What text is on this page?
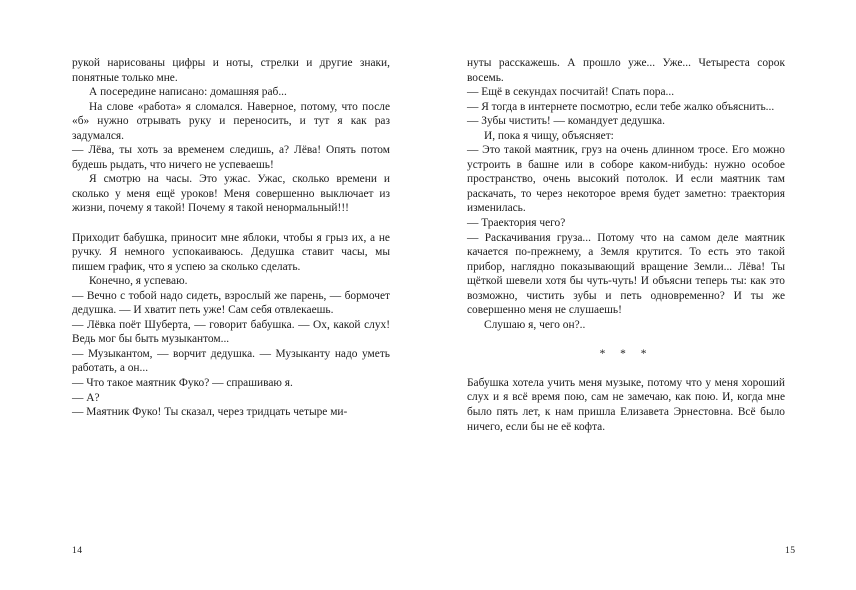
рукой нарисованы цифры и ноты, стрелки и другие знаки, понятные только мне.

А посередине написано: домашняя раб...

На слове «работа» я сломался. Наверное, потому, что после «б» нужно отрывать руку и переносить, и тут я как раз задумался.

— Лёва, ты хоть за временем следишь, а? Лёва! Опять потом будешь рыдать, что ничего не успеваешь!

Я смотрю на часы. Это ужас. Ужас, сколько времени и сколько у меня ещё уроков! Меня совершенно выключает из жизни, почему я такой! Почему я такой ненормальный!!!

Приходит бабушка, приносит мне яблоки, чтобы я грыз их, а не ручку. Я немного успокаиваюсь. Дедушка ставит часы, мы пишем график, что я успею за сколько сделать.

Конечно, я успеваю.

— Вечно с тобой надо сидеть, взрослый же парень, — бормочет дедушка. — И хватит петь уже! Сам себя отвлекаешь.

— Лёвка поёт Шуберта, — говорит бабушка. — Ох, какой слух! Ведь мог бы быть музыкантом...

— Музыкантом, — ворчит дедушка. — Музыканту надо уметь работать, а он...

— Что такое маятник Фуко? — спрашиваю я.

— А?

— Маятник Фуко! Ты сказал, через тридцать четыре ми-

14

нуты расскажешь. А прошло уже... Уже... Четыреста сорок восемь.

— Ещё в секундах посчитай! Спать пора...

— Я тогда в интернете посмотрю, если тебе жалко объяснить...

— Зубы чистить! — командует дедушка.

И, пока я чищу, объясняет:

— Это такой маятник, груз на очень длинном тросе. Его можно устроить в башне или в соборе каком-нибудь: нужно особое пространство, очень высокий потолок. И если маятник там раскачать, то через некоторое время будет заметно: траектория изменилась.

— Траектория чего?

— Раскачивания груза... Потому что на самом деле маятник качается по-прежнему, а Земля крутится. То есть это такой прибор, наглядно показывающий вращение Земли... Лёва! Ты щёткой шевели хотя бы чуть-чуть! И объясни теперь ты: как это возможно, чистить зубы и петь одновременно? И ты же совершенно меня не слушаешь!

Слушаю я, чего он?..

* * *

Бабушка хотела учить меня музыке, потому что у меня хороший слух и я всё время пою, сам не замечаю, как пою. И, когда мне было пять лет, к нам пришла Елизавета Эрнестовна. Всё было ничего, если бы не её кофта.

15
